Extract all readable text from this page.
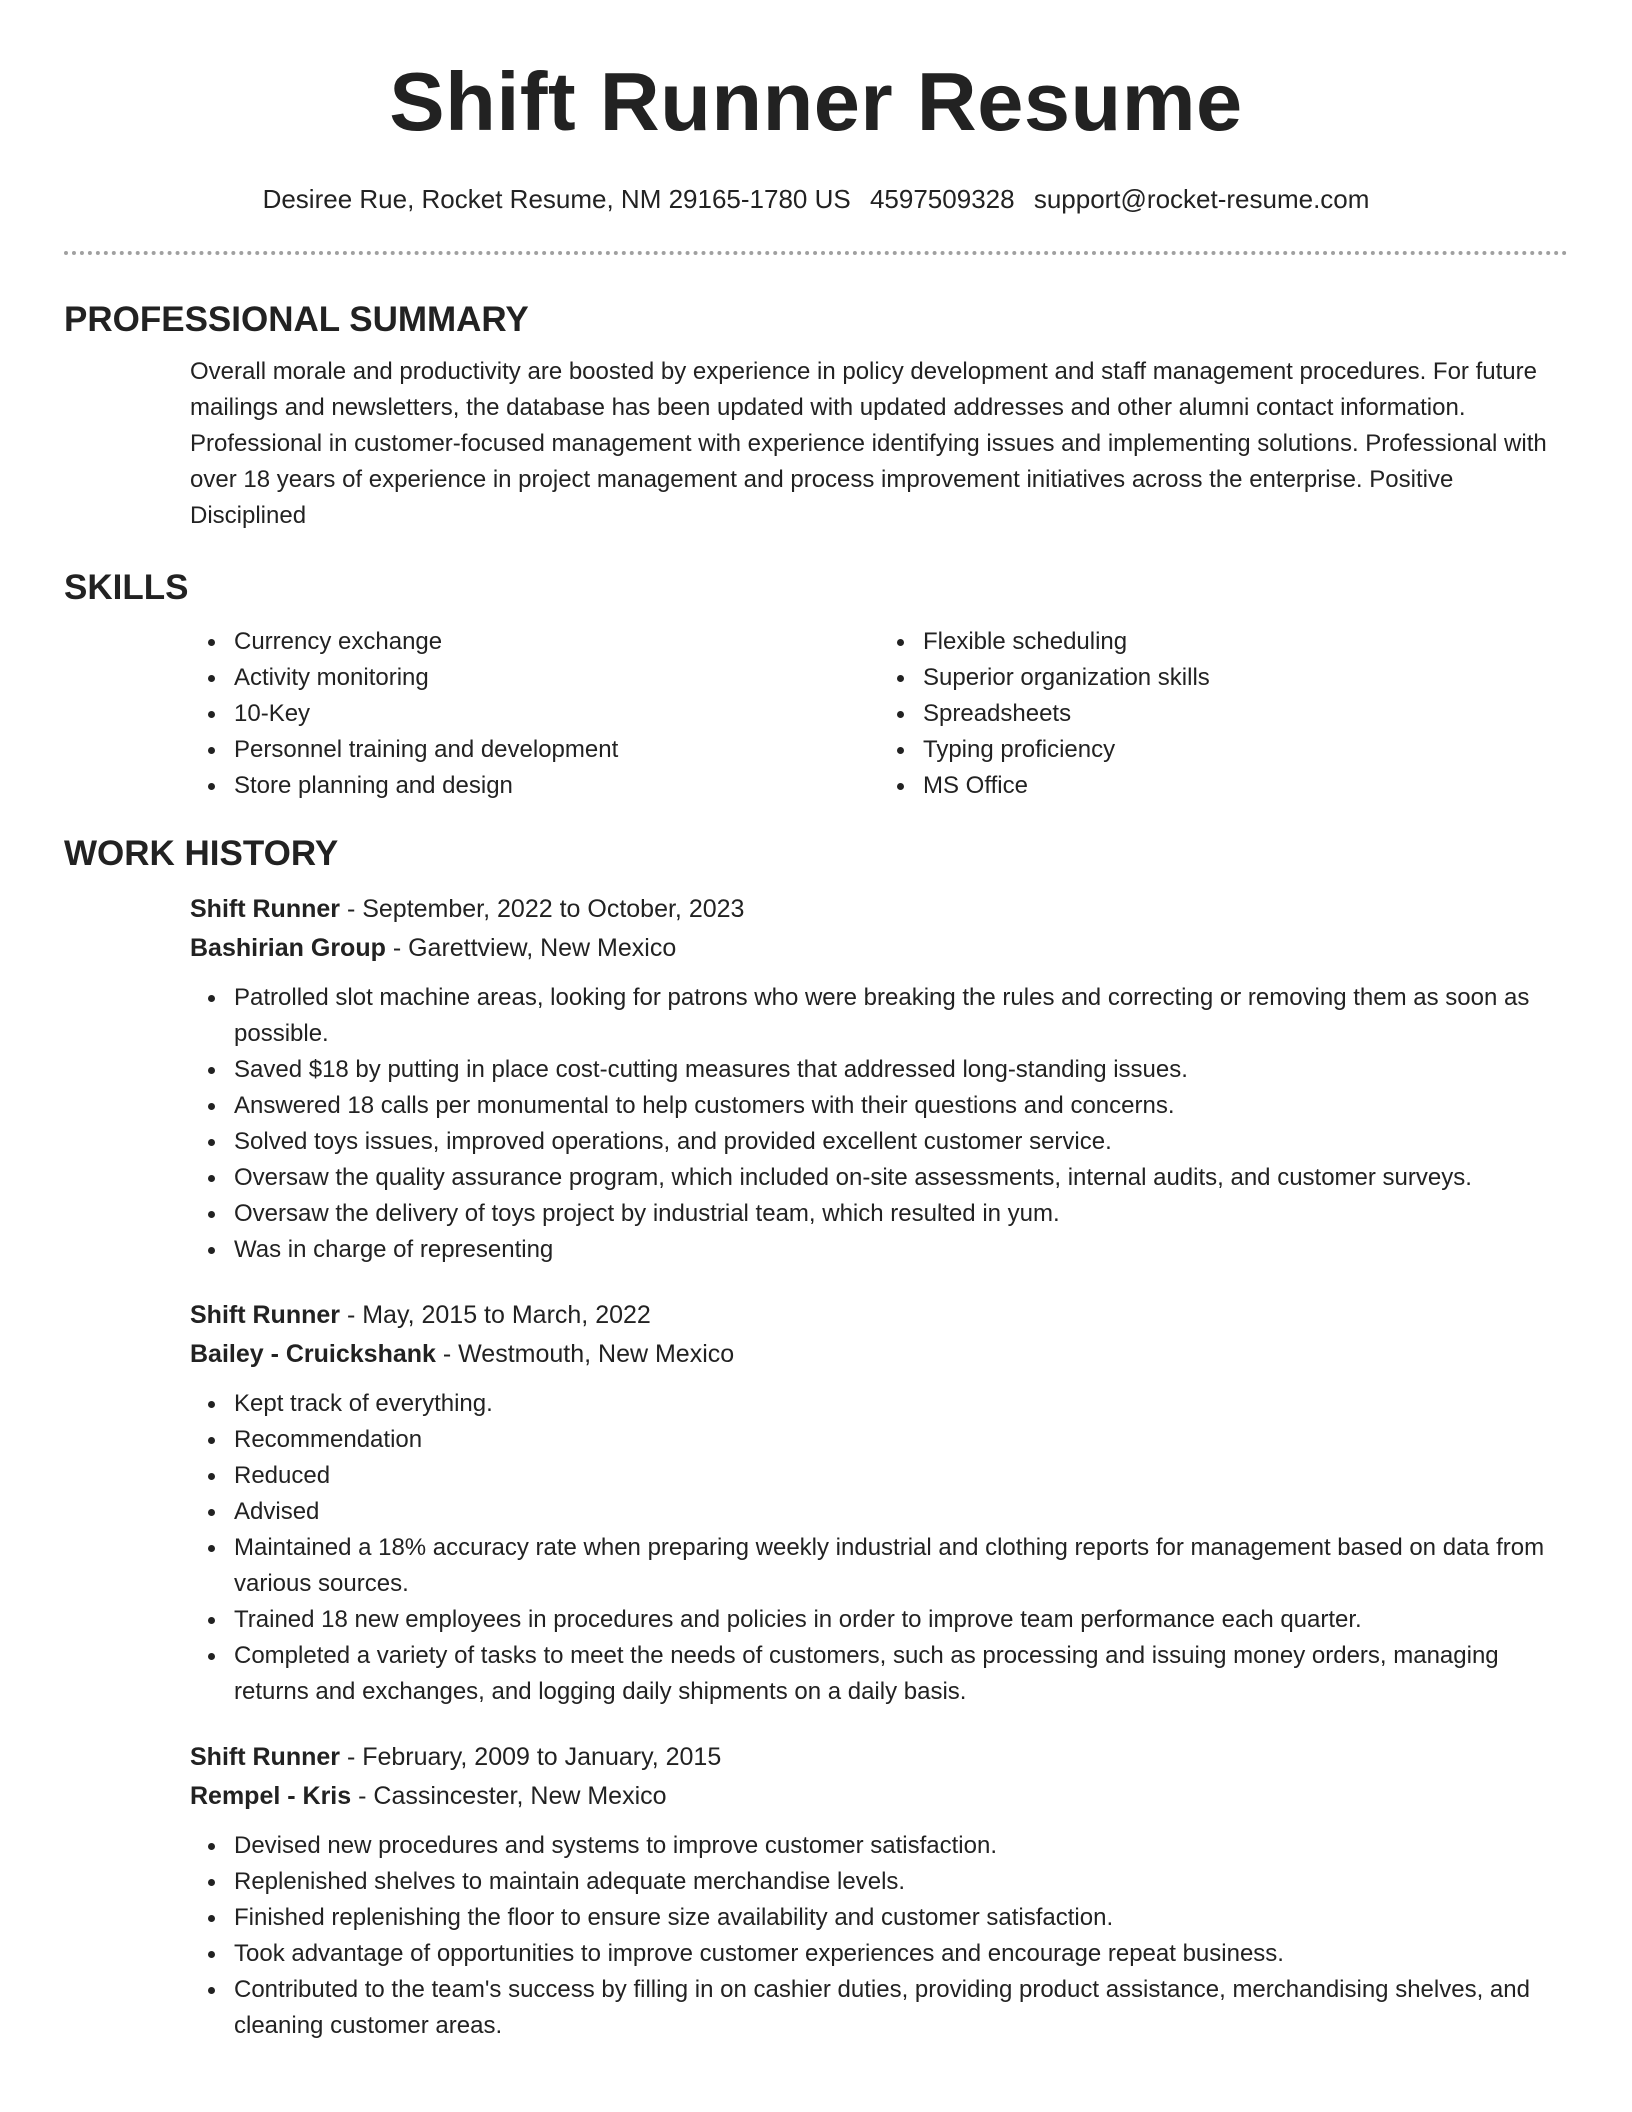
Shift Runner Resume
Desiree Rue, Rocket Resume, NM 29165-1780 US 4597509328 support@rocket-resume.com
PROFESSIONAL SUMMARY

Overall morale and productivity are boosted by experience in policy development and staff management procedures. For future mailings and newsletters, the database has been updated with updated addresses and other alumni contact information. Professional in customer-focused management with experience identifying issues and implementing solutions. Professional with over 18 years of experience in project management and process improvement initiatives across the enterprise. Positive Disciplined

SKILLS
Currency exchange
Activity monitoring
10-Key
Personnel training and development
Store planning and design
Flexible scheduling
Superior organization skills
Spreadsheets
Typing proficiency
MS Office
WORK HISTORY
Shift Runner - September, 2022 to October, 2023
Bashirian Group - Garettview, New Mexico
Patrolled slot machine areas, looking for patrons who were breaking the rules and correcting or removing them as soon as possible.
Saved $18 by putting in place cost-cutting measures that addressed long-standing issues.
Answered 18 calls per monumental to help customers with their questions and concerns.
Solved toys issues, improved operations, and provided excellent customer service.
Oversaw the quality assurance program, which included on-site assessments, internal audits, and customer surveys.
Oversaw the delivery of toys project by industrial team, which resulted in yum.
Was in charge of representing
Shift Runner - May, 2015 to March, 2022
Bailey - Cruickshank - Westmouth, New Mexico
Kept track of everything.
Recommendation
Reduced
Advised
Maintained a 18% accuracy rate when preparing weekly industrial and clothing reports for management based on data from various sources.
Trained 18 new employees in procedures and policies in order to improve team performance each quarter.
Completed a variety of tasks to meet the needs of customers, such as processing and issuing money orders, managing returns and exchanges, and logging daily shipments on a daily basis.
Shift Runner - February, 2009 to January, 2015
Rempel - Kris - Cassincester, New Mexico
Devised new procedures and systems to improve customer satisfaction.
Replenished shelves to maintain adequate merchandise levels.
Finished replenishing the floor to ensure size availability and customer satisfaction.
Took advantage of opportunities to improve customer experiences and encourage repeat business.
Contributed to the team's success by filling in on cashier duties, providing product assistance, merchandising shelves, and cleaning customer areas.
